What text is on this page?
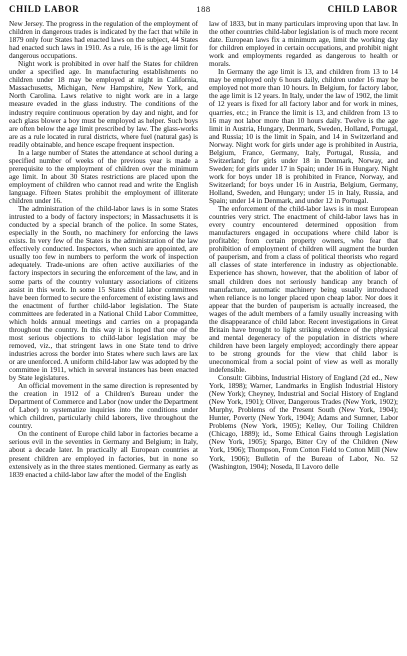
CHILD LABOR	188	CHILD LABOR

New Jersey. The progress in the regulation of the employment of children in dangerous trades is indicated by the fact that while in 1879 only four States had enacted laws on the subject, 44 States had enacted such laws in 1910. As a rule, 16 is the age limit for dangerous occupations.

Night work is prohibited in over half the States for children under a specified age. In manufacturing establishments no children under 18 may be employed at night in California, Massachusetts, Michigan, New Hampshire, New York, and North Carolina. Laws relative to night work are in a large measure evaded in the glass industry. The conditions of the industry require continuous operation by day and night, and for each glass blower a boy must be employed as helper. Such boys are often below the age limit prescribed by law. The glass-works are as a rule located in rural districts, where fuel (natural gas) is readily obtainable, and hence escape frequent inspection.

In a large number of States the attendance at school during a specified number of weeks of the previous year is made a prerequisite to the employment of children over the minimum age limit. In about 30 States restrictions are placed upon the employment of children who cannot read and write the English language. Fifteen States prohibit the employment of illiterate children under 16.

The administration of the child-labor laws is in some States intrusted to a body of factory inspectors; in Massachusetts it is conducted by a special branch of the police. In some States, especially in the South, no machinery for enforcing the laws exists. In very few of the States is the administration of the law effectively conducted. Inspectors, when such are appointed, are usually too few in numbers to perform the work of inspection adequately. Trade-unions are often active auxiliaries of the factory inspectors in securing the enforcement of the law, and in some parts of the country voluntary associations of citizens assist in this work. In some 15 States child labor committees have been formed to secure the enforcement of existing laws and the enactment of further child-labor legislation. The State committees are federated in a National Child Labor Committee, which holds annual meetings and carries on a propaganda throughout the country. In this way it is hoped that one of the most serious objections to child-labor legislation may be removed, viz., that stringent laws in one State tend to drive industries across the border into States where such laws are lax or are unenforced. A uniform child-labor law was adopted by the committee in 1911, which in several instances has been enacted by State legislatures.

An official movement in the same direction is represented by the creation in 1912 of a Children's Bureau under the Department of Commerce and Labor (now under the Department of Labor) to systematize inquiries into the conditions under which children, particularly child laborers, live throughout the country.

On the continent of Europe child labor in factories became a serious evil in the seventies in Germany and Belgium; in Italy, about a decade later. In practically all European countries at present children are employed in factories, but in none so extensively as in the three states mentioned. Germany as early as 1839 enacted a child-labor law after the model of the English

law of 1833, but in many particulars improving upon that law. In the other countries child-labor legislation is of much more recent date. European laws fix a minimum age, limit the working day for children employed in certain occupations, and prohibit night work and employments regarded as dangerous to health or morals.

In Germany the age limit is 13, and children from 13 to 14 may be employed only 6 hours daily, children under 16 may be employed not more than 10 hours. In Belgium, for factory labor, the age limit is 12 years. In Italy, under the law of 1902, the limit of 12 years is fixed for all factory labor and for work in mines, quarries, etc.; in France the limit is 13, and children from 13 to 16 may not labor more than 10 hours daily. Twelve is the age limit in Austria, Hungary, Denmark, Sweden, Holland, Portugal, and Russia; 10 is the limit in Spain, and 14 in Switzerland and Norway. Night work for girls under age is prohibited in Austria, Belgium, France, Germany, Italy, Portugal, Russia, and Switzerland; for girls under 18 in Denmark, Norway, and Sweden; for girls under 17 in Spain; under 16 in Hungary. Night work for boys under 18 is prohibited in France, Norway, and Switzerland; for boys under 16 in Austria, Belgium, Germany, Holland, Sweden, and Hungary; under 15 in Italy, Russia, and Spain; under 14 in Denmark, and under 12 in Portugal.

The enforcement of the child-labor laws is in most European countries very strict. The enactment of child-labor laws has in every country encountered determined opposition from manufacturers engaged in occupations where child labor is profitable; from certain property owners, who fear that prohibition of employment of children will augment the burden of pauperism, and from a class of political theorists who regard all classes of state interference in industry as objectionable. Experience has shown, however, that the abolition of labor of small children does not seriously handicap any branch of manufacture, automatic machinery being usually introduced when reliance is no longer placed upon cheap labor. Nor does it appear that the burden of pauperism is actually increased, the wages of the adult members of a family usually increasing with the disappearance of child labor. Recent investigations in Great Britain have brought to light striking evidence of the physical and mental degeneracy of the population in districts where children have been largely employed; accordingly there appear to be strong grounds for the view that child labor is uneconomical from a social point of view as well as morally indefensible.

Consult: Gibbins, Industrial History of England (2d ed., New York, 1898); Warner, Landmarks in English Industrial History (New York); Cheyney, Industrial and Social History of England (New York, 1901); Oliver, Dangerous Trades (New York, 1902); Murphy, Problems of the Present South (New York, 1904); Hunter, Poverty (New York, 1904); Adams and Sumner, Labor Problems (New York, 1905); Kelley, Our Toiling Children (Chicago, 1889); id., Some Ethical Gains through Legislation (New York, 1905); Spargo, Bitter Cry of the Children (New York, 1906); Thompson, From Cotton Field to Cotton Mill (New York, 1906); Bulletin of the Bureau of Labor, No. 52 (Washington, 1904); Noseda, Il Lavoro delle
